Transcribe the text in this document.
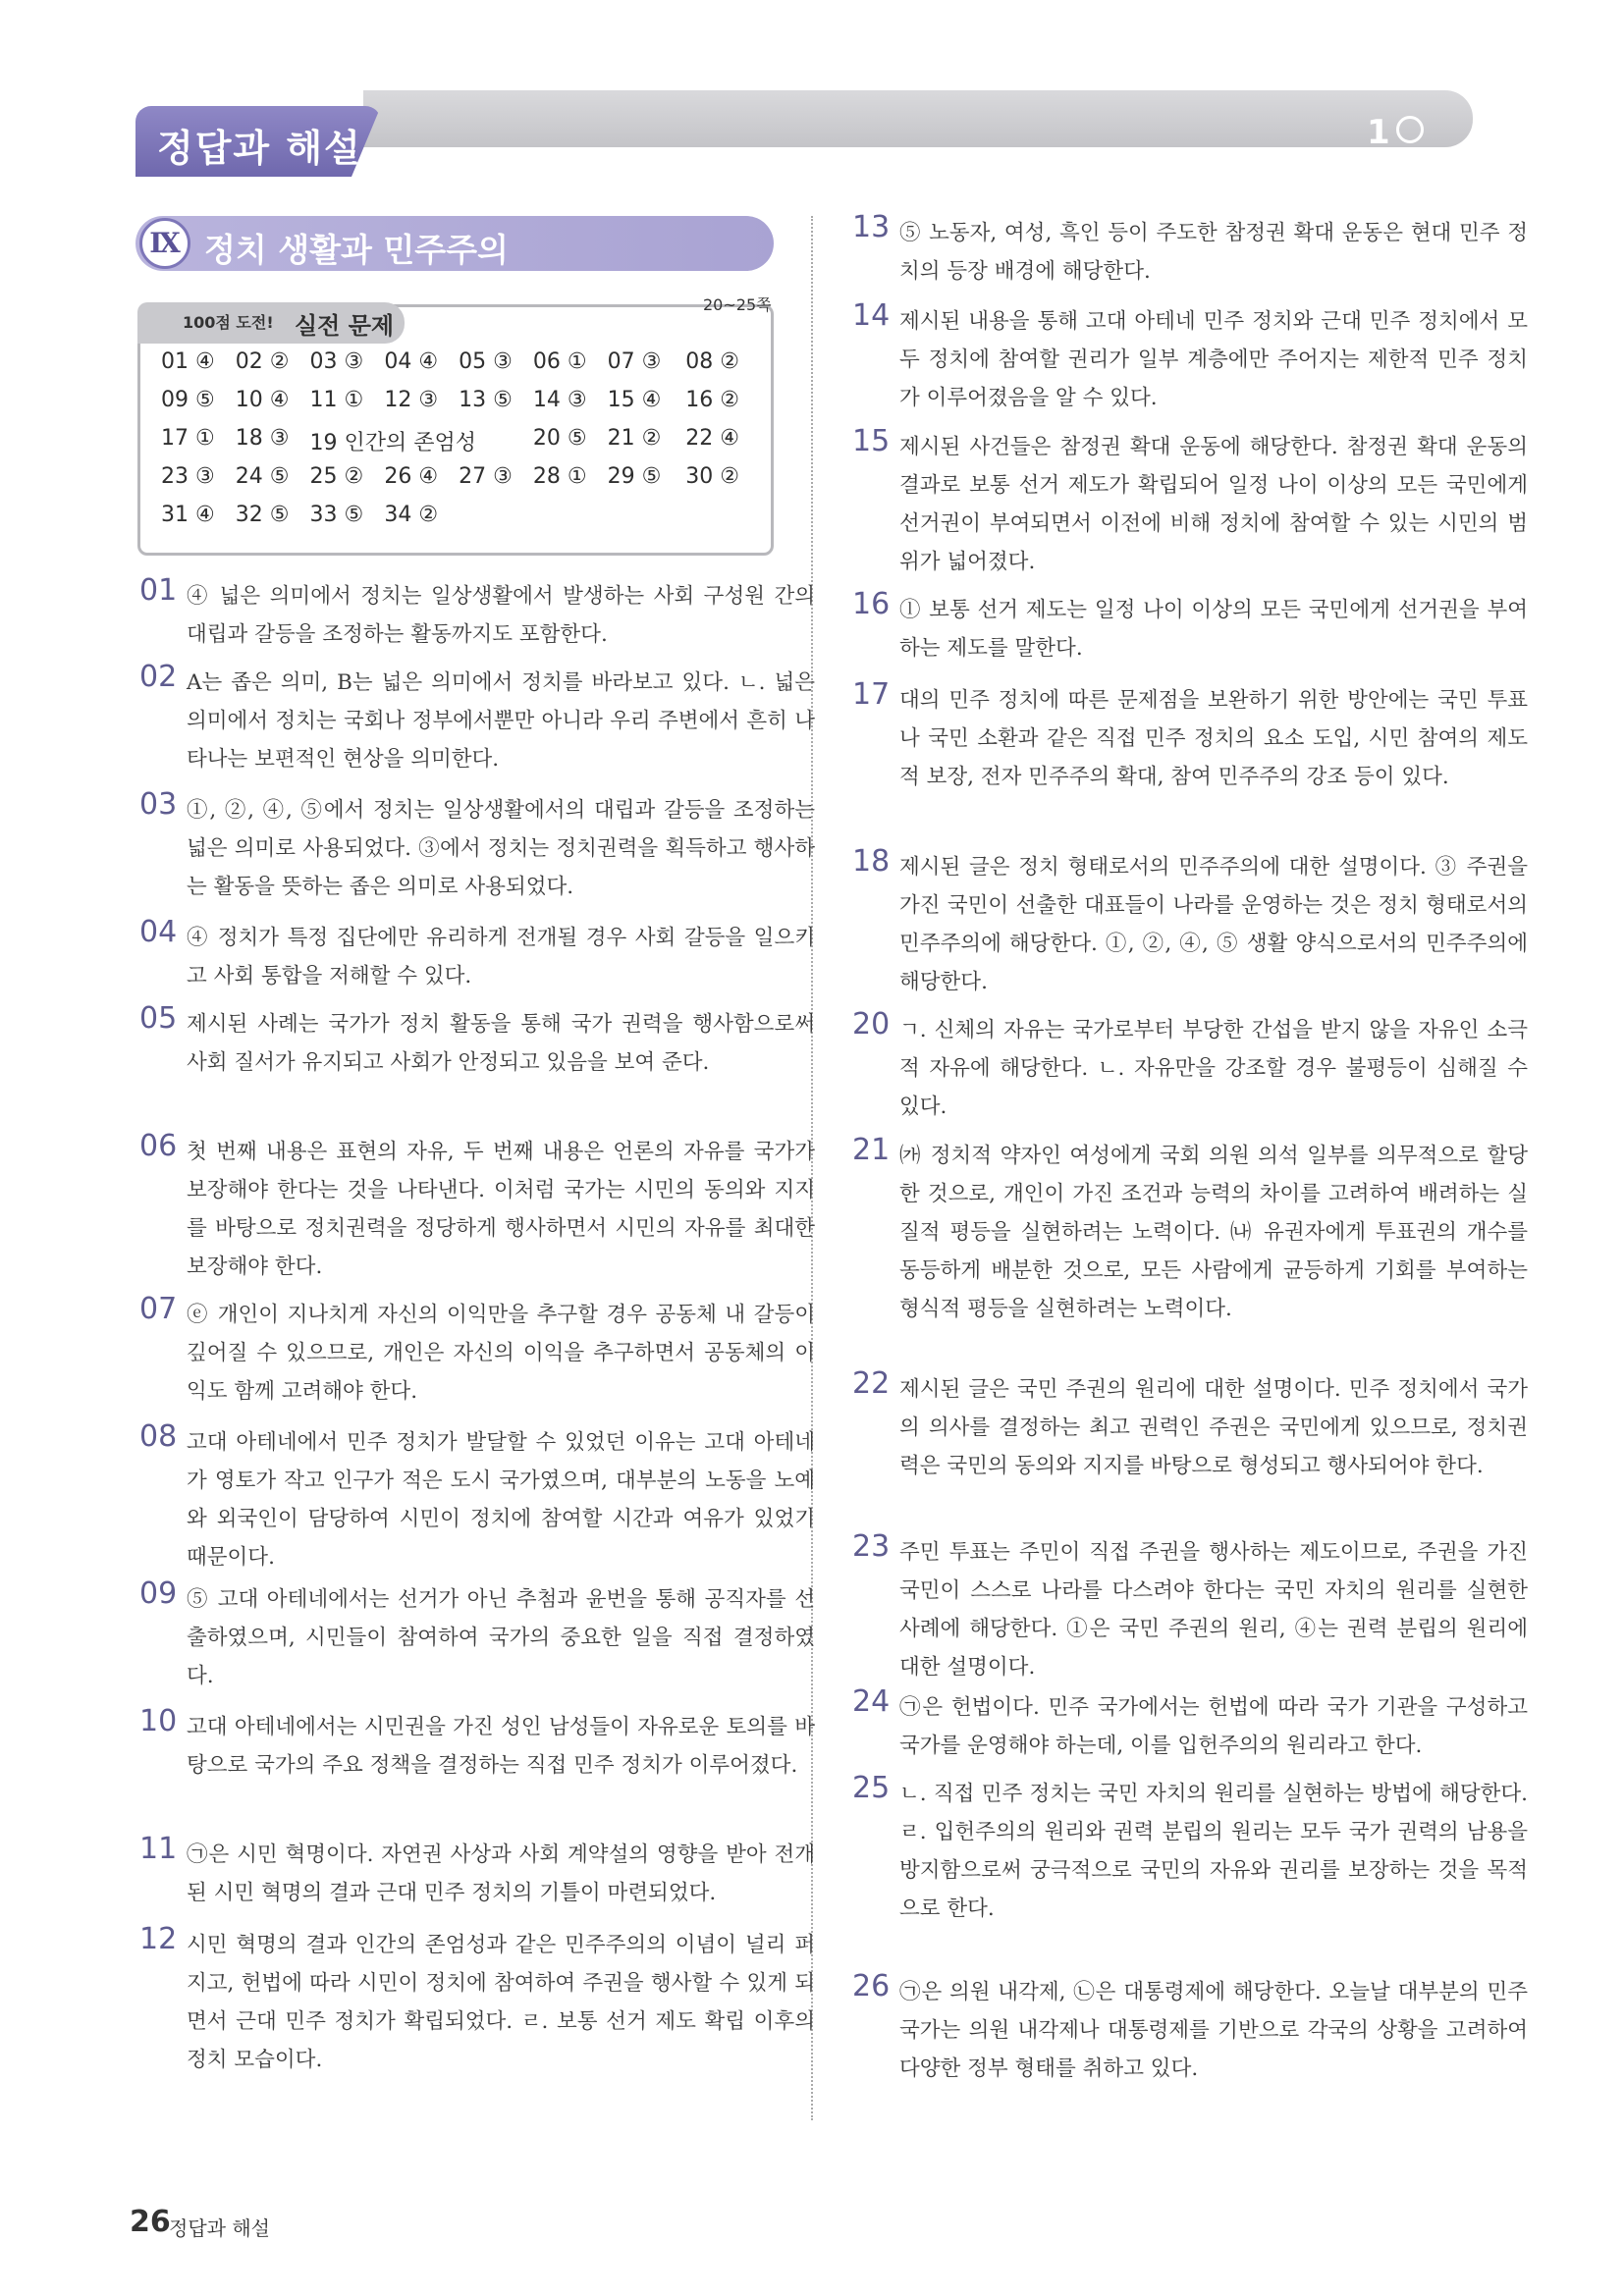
정답과 해설	1
Ⅸ 정치 생활과 민주주의
100점 도전! 실전 문제
20~25쪽
01 ④ 02 ② 03 ③ 04 ④ 05 ③ 06 ① 07 ③	08 ②
09 ⑤ 10 ④ 11 ① 12 ③ 13 ⑤ 14 ③ 15 ④	16 ②
17 ① 18 ③ 19 인간의 존엄성	20 ⑤ 21 ②	22 ④
23 ③ 24 ⑤ 25 ② 26 ④ 27 ③ 28 ① 29 ⑤	30 ②
31 ④ 32 ⑤ 33 ⑤ 34 ②
01 ④ 넓은 의미에서 정치는 일상생활에서 발생하는 사회 구성원 간의 대립과 갈등을 조정하는 활동까지도 포함한다.
02 A는 좁은 의미, B는 넓은 의미에서 정치를 바라보고 있다. ㄴ. 넓은 의미에서 정치는 국회나 정부에서뿐만 아니라 우리 주변에서 흔히 나타나는 보편적인 현상을 의미한다.
03 ①, ②, ④, ⑤에서 정치는 일상생활에서의 대립과 갈등을 조정하는 넓은 의미로 사용되었다. ③에서 정치는 정치권력을 획득하고 행사하는 활동을 뜻하는 좁은 의미로 사용되었다.
04 ④ 정치가 특정 집단에만 유리하게 전개될 경우 사회 갈등을 일으키고 사회 통합을 저해할 수 있다.
05 제시된 사례는 국가가 정치 활동을 통해 국가 권력을 행사함으로써 사회 질서가 유지되고 사회가 안정되고 있음을 보여 준다.
06 첫 번째 내용은 표현의 자유, 두 번째 내용은 언론의 자유를 국가가 보장해야 한다는 것을 나타낸다. 이처럼 국가는 시민의 동의와 지지를 바탕으로 정치권력을 정당하게 행사하면서 시민의 자유를 최대한 보장해야 한다.
07 ⓔ 개인이 지나치게 자신의 이익만을 추구할 경우 공동체 내 갈등이 깊어질 수 있으므로, 개인은 자신의 이익을 추구하면서 공동체의 이익도 함께 고려해야 한다.
08 고대 아테네에서 민주 정치가 발달할 수 있었던 이유는 고대 아테네가 영토가 작고 인구가 적은 도시 국가였으며, 대부분의 노동을 노예와 외국인이 담당하여 시민이 정치에 참여할 시간과 여유가 있었기 때문이다.
09 ⑤ 고대 아테네에서는 선거가 아닌 추첨과 윤번을 통해 공직자를 선출하였으며, 시민들이 참여하여 국가의 중요한 일을 직접 결정하였다.
10 고대 아테네에서는 시민권을 가진 성인 남성들이 자유로운 토의를 바탕으로 국가의 주요 정책을 결정하는 직접 민주 정치가 이루어졌다.
11 ㉠은 시민 혁명이다. 자연권 사상과 사회 계약설의 영향을 받아 전개된 시민 혁명의 결과 근대 민주 정치의 기틀이 마련되었다.
12 시민 혁명의 결과 인간의 존엄성과 같은 민주주의의 이념이 널리 퍼지고, 헌법에 따라 시민이 정치에 참여하여 주권을 행사할 수 있게 되면서 근대 민주 정치가 확립되었다. ㄹ. 보통 선거 제도 확립 이후의 정치 모습이다.
13 ⑤ 노동자, 여성, 흑인 등이 주도한 참정권 확대 운동은 현대 민주 정치의 등장 배경에 해당한다.
14 제시된 내용을 통해 고대 아테네 민주 정치와 근대 민주 정치에서 모두 정치에 참여할 권리가 일부 계층에만 주어지는 제한적 민주 정치가 이루어졌음을 알 수 있다.
15 제시된 사건들은 참정권 확대 운동에 해당한다. 참정권 확대 운동의 결과로 보통 선거 제도가 확립되어 일정 나이 이상의 모든 국민에게 선거권이 부여되면서 이전에 비해 정치에 참여할 수 있는 시민의 범위가 넓어졌다.
16 ⓛ 보통 선거 제도는 일정 나이 이상의 모든 국민에게 선거권을 부여하는 제도를 말한다.
17 대의 민주 정치에 따른 문제점을 보완하기 위한 방안에는 국민 투표나 국민 소환과 같은 직접 민주 정치의 요소 도입, 시민 참여의 제도적 보장, 전자 민주주의 확대, 참여 민주주의 강조 등이 있다.
18 제시된 글은 정치 형태로서의 민주주의에 대한 설명이다. ③ 주권을 가진 국민이 선출한 대표들이 나라를 운영하는 것은 정치 형태로서의 민주주의에 해당한다. ①, ②, ④, ⑤ 생활 양식으로서의 민주주의에 해당한다.
20 ㄱ. 신체의 자유는 국가로부터 부당한 간섭을 받지 않을 자유인 소극적 자유에 해당한다. ㄴ. 자유만을 강조할 경우 불평등이 심해질 수 있다.
21 ㈎ 정치적 약자인 여성에게 국회 의원 의석 일부를 의무적으로 할당한 것으로, 개인이 가진 조건과 능력의 차이를 고려하여 배려하는 실질적 평등을 실현하려는 노력이다. ㈏ 유권자에게 투표권의 개수를 동등하게 배분한 것으로, 모든 사람에게 균등하게 기회를 부여하는 형식적 평등을 실현하려는 노력이다.
22 제시된 글은 국민 주권의 원리에 대한 설명이다. 민주 정치에서 국가의 의사를 결정하는 최고 권력인 주권은 국민에게 있으므로, 정치권력은 국민의 동의와 지지를 바탕으로 형성되고 행사되어야 한다.
23 주민 투표는 주민이 직접 주권을 행사하는 제도이므로, 주권을 가진 국민이 스스로 나라를 다스려야 한다는 국민 자치의 원리를 실현한 사례에 해당한다. ①은 국민 주권의 원리, ④는 권력 분립의 원리에 대한 설명이다.
24 ㉠은 헌법이다. 민주 국가에서는 헌법에 따라 국가 기관을 구성하고 국가를 운영해야 하는데, 이를 입헌주의의 원리라고 한다.
25 ㄴ. 직접 민주 정치는 국민 자치의 원리를 실현하는 방법에 해당한다. ㄹ. 입헌주의의 원리와 권력 분립의 원리는 모두 국가 권력의 남용을 방지함으로써 궁극적으로 국민의 자유와 권리를 보장하는 것을 목적으로 한다.
26 ㉠은 의원 내각제, ㉡은 대통령제에 해당한다. 오늘날 대부분의 민주 국가는 의원 내각제나 대통령제를 기반으로 각국의 상황을 고려하여 다양한 정부 형태를 취하고 있다.
26
정답과 해설
